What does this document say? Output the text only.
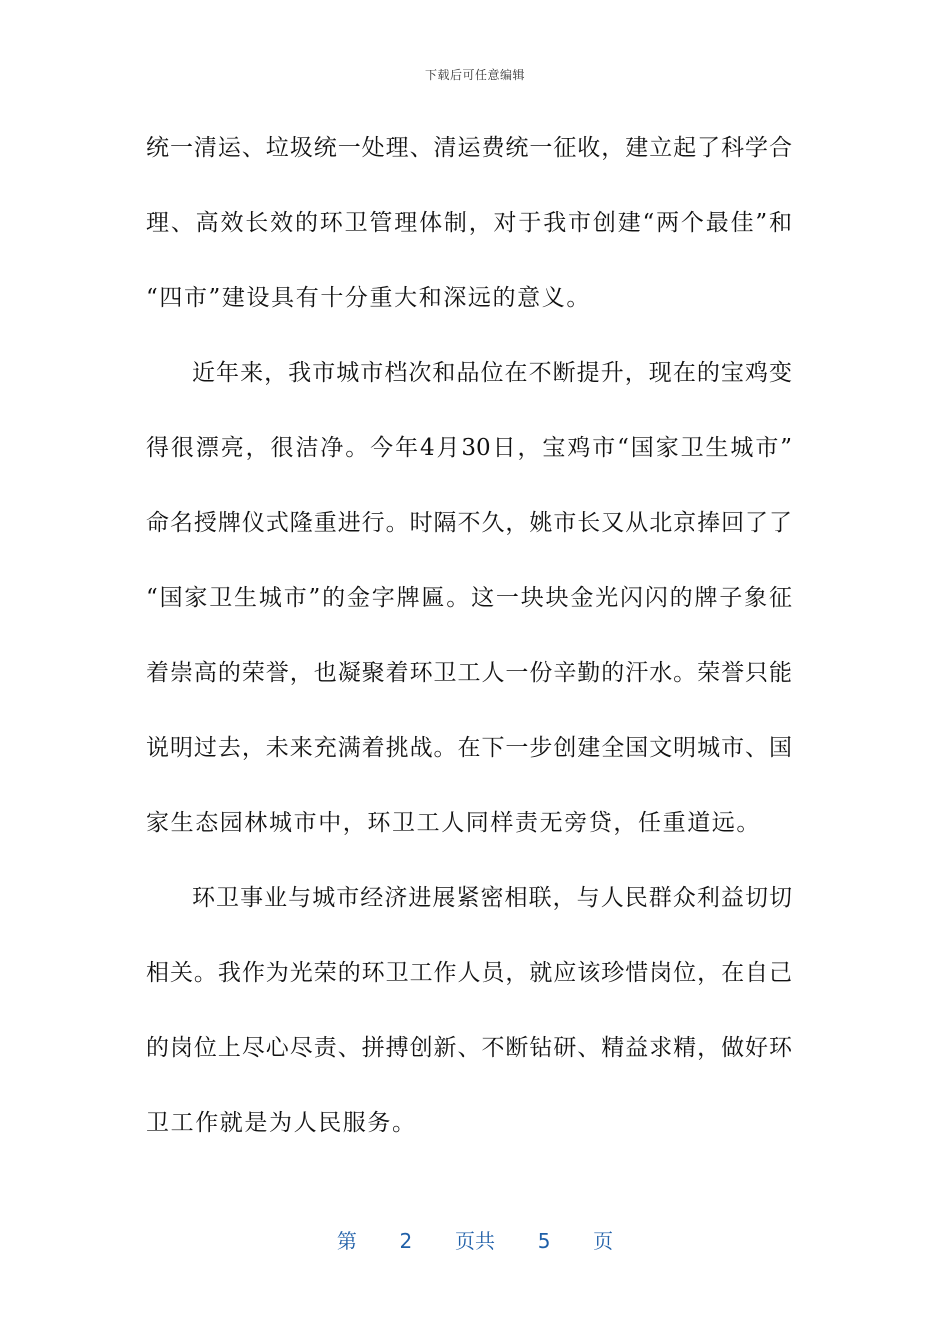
下载后可任意编辑
统一清运、垃圾统一处理、清运费统一征收，建立起了科学合
理、高效长效的环卫管理体制，对于我市创建“两个最佳”和
“四市”建设具有十分重大和深远的意义。
近年来，我市城市档次和品位在不断提升，现在的宝鸡变
得很漂亮，很洁净。今年4月30日，宝鸡市“国家卫生城市”
命名授牌仪式隆重进行。时隔不久，姚市长又从北京捧回了了
“国家卫生城市”的金字牌匾。这一块块金光闪闪的牌子象征
着崇高的荣誉，也凝聚着环卫工人一份辛勤的汗水。荣誉只能
说明过去，未来充满着挑战。在下一步创建全国文明城市、国
家生态园林城市中，环卫工人同样责无旁贷，任重道远。
环卫事业与城市经济进展紧密相联，与人民群众利益切切
相关。我作为光荣的环卫工作人员，就应该珍惜岗位，在自己
的岗位上尽心尽责、拼搏创新、不断钻研、精益求精，做好环
卫工作就是为人民服务。
第 2 页共 5 页
